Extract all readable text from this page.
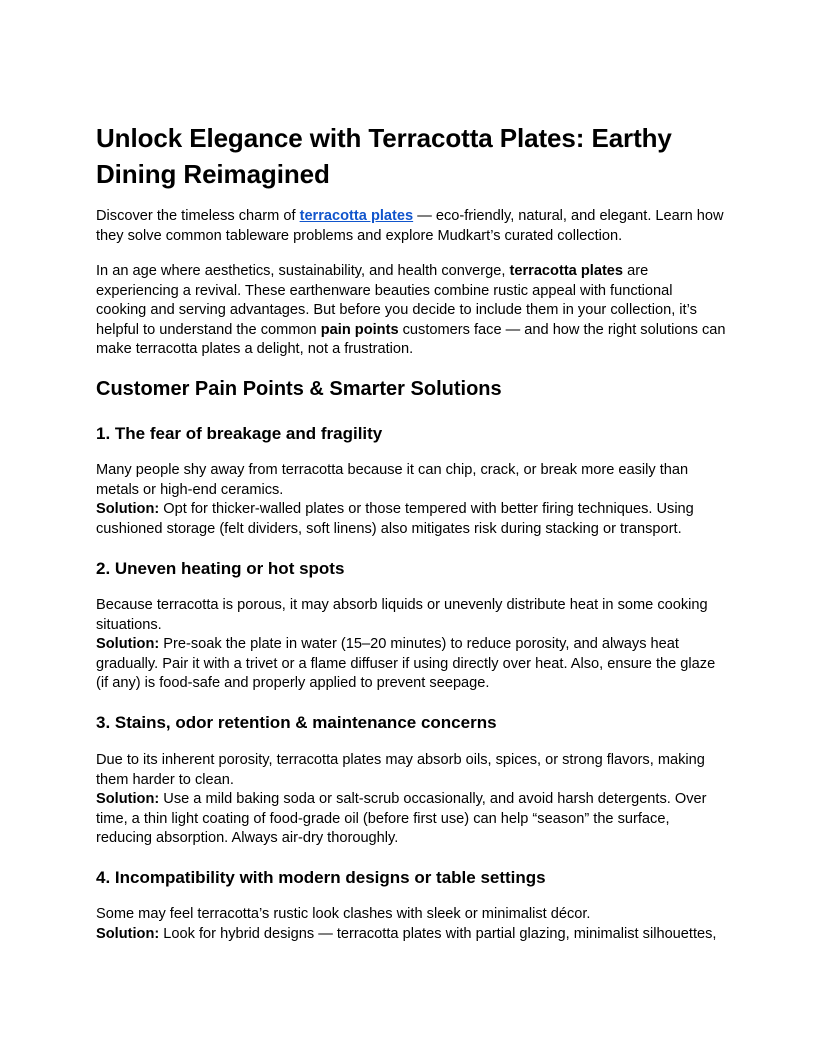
Unlock Elegance with Terracotta Plates: Earthy Dining Reimagined

Discover the timeless charm of terracotta plates — eco-friendly, natural, and elegant. Learn how they solve common tableware problems and explore Mudkart’s curated collection.

In an age where aesthetics, sustainability, and health converge, terracotta plates are experiencing a revival. These earthenware beauties combine rustic appeal with functional cooking and serving advantages. But before you decide to include them in your collection, it’s helpful to understand the common pain points customers face — and how the right solutions can make terracotta plates a delight, not a frustration.

Customer Pain Points & Smarter Solutions
1. The fear of breakage and fragility

Many people shy away from terracotta because it can chip, crack, or break more easily than metals or high-end ceramics.
Solution: Opt for thicker-walled plates or those tempered with better firing techniques. Using cushioned storage (felt dividers, soft linens) also mitigates risk during stacking or transport.

2. Uneven heating or hot spots

Because terracotta is porous, it may absorb liquids or unevenly distribute heat in some cooking situations.
Solution: Pre-soak the plate in water (15–20 minutes) to reduce porosity, and always heat gradually. Pair it with a trivet or a flame diffuser if using directly over heat. Also, ensure the glaze (if any) is food-safe and properly applied to prevent seepage.

3. Stains, odor retention & maintenance concerns

Due to its inherent porosity, terracotta plates may absorb oils, spices, or strong flavors, making them harder to clean.
Solution: Use a mild baking soda or salt-scrub occasionally, and avoid harsh detergents. Over time, a thin light coating of food-grade oil (before first use) can help “season” the surface, reducing absorption. Always air-dry thoroughly.

4. Incompatibility with modern designs or table settings

Some may feel terracotta’s rustic look clashes with sleek or minimalist décor.
Solution: Look for hybrid designs — terracotta plates with partial glazing, minimalist silhouettes,
